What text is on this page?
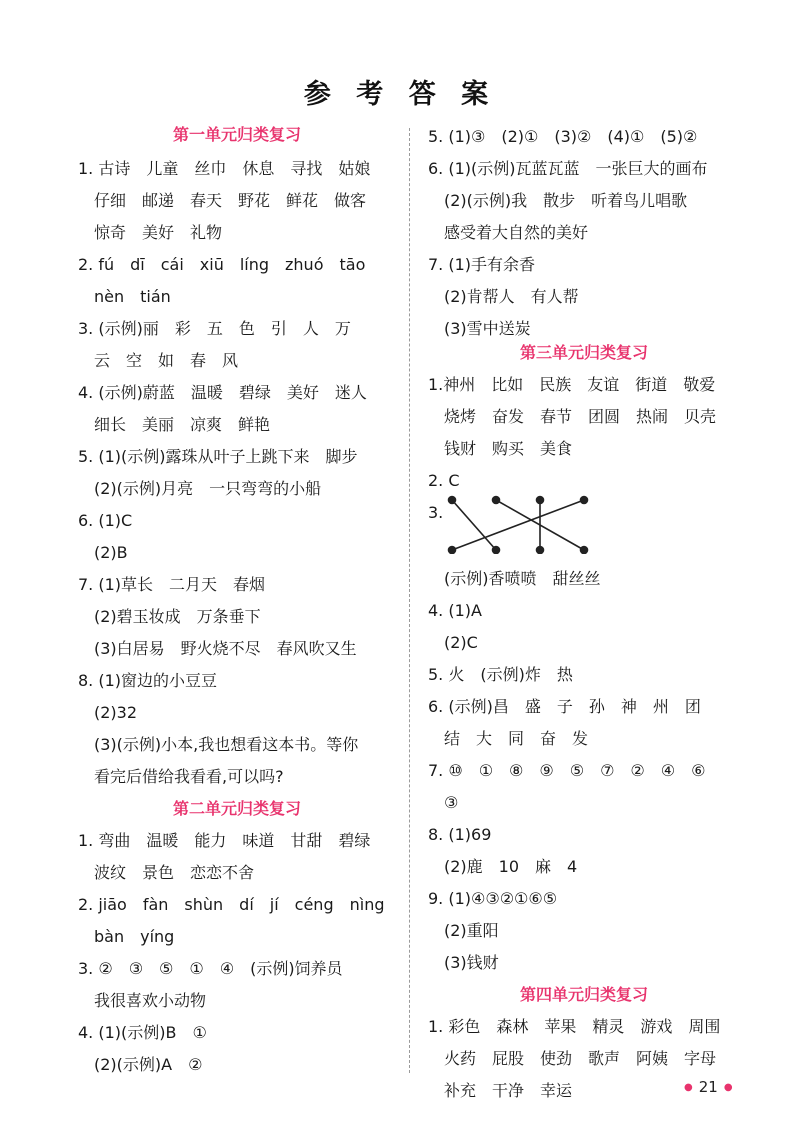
参 考 答 案
第一单元归类复习
1. 古诗　儿童　丝巾　休息　寻找　姑娘
仔细　邮递　春天　野花　鲜花　做客
惊奇　美好　礼物
2. fú　dī　cái　xiū　líng　zhuó　tāo
nèn　tián
3. (示例)丽　彩　五　色　引　人　万
云　空　如　春　风
4. (示例)蔚蓝　温暖　碧绿　美好　迷人
细长　美丽　凉爽　鲜艳
5. (1)(示例)露珠从叶子上跳下来　脚步
(2)(示例)月亮　一只弯弯的小船
6. (1)C
(2)B
7. (1)草长　二月天　春烟
(2)碧玉妆成　万条垂下
(3)白居易　野火烧不尽　春风吹又生
8. (1)窗边的小豆豆
(2)32
(3)(示例)小本,我也想看这本书。等你
看完后借给我看看,可以吗?
第二单元归类复习
1. 弯曲　温暖　能力　味道　甘甜　碧绿
波纹　景色　恋恋不舍
2. jiāo　fàn　shùn　dí　jí　céng　nìng
bàn　yíng
3. ②　③　⑤　①　④　(示例)饲养员
我很喜欢小动物
4. (1)(示例)B　①
(2)(示例)A　②
5. (1)③　(2)①　(3)②　(4)①　(5)②
6. (1)(示例)瓦蓝瓦蓝　一张巨大的画布
(2)(示例)我　散步　听着鸟儿唱歌
感受着大自然的美好
7. (1)手有余香
(2)肯帮人　有人帮
(3)雪中送炭
第三单元归类复习
1.神州　比如　民族　友谊　街道　敬爱
烧烤　奋发　春节　团圆　热闹　贝壳
钱财　购买　美食
2. C
3.
(示例)香喷喷　甜丝丝
4. (1)A
(2)C
5. 火　(示例)炸　热
6. (示例)昌　盛　子　孙　神　州　团
结　大　同　奋　发
7. ⑩　①　⑧　⑨　⑤　⑦　②　④　⑥
③
8. (1)69
(2)鹿　10　麻　4
9. (1)④③②①⑥⑤
(2)重阳
(3)钱财
第四单元归类复习
1. 彩色　森林　苹果　精灵　游戏　周围
火药　屁股　使劲　歌声　阿姨　字母
补充　干净　幸运	● 21 ●
